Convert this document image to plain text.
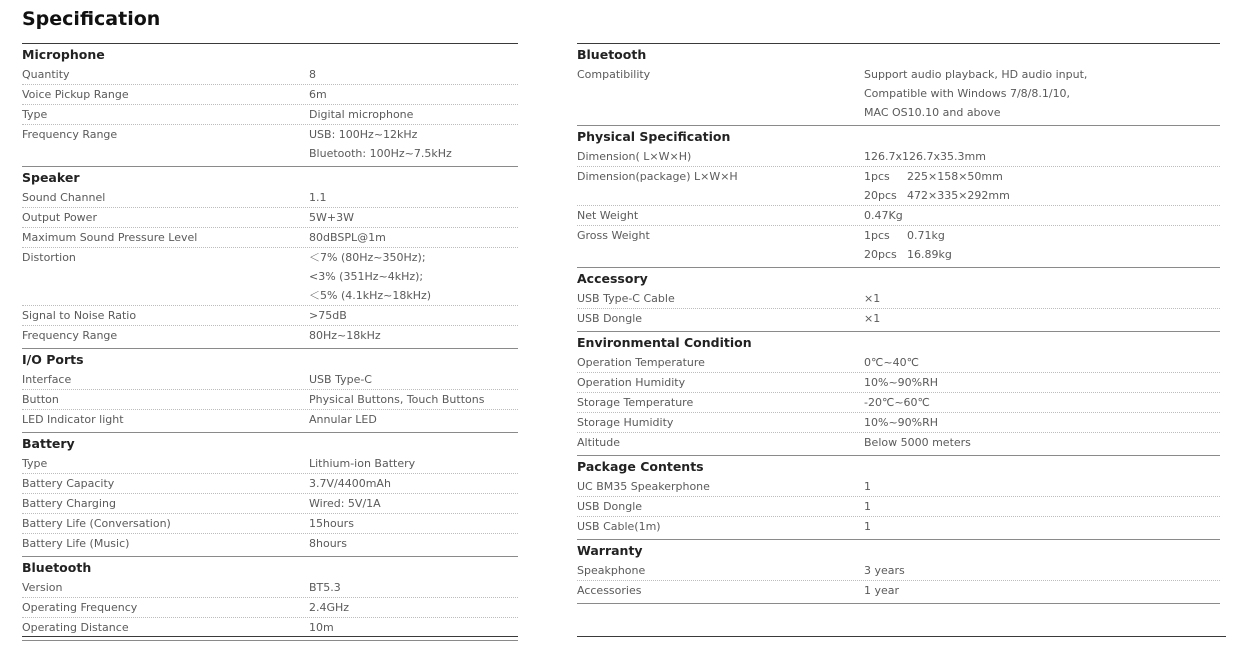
Specification
Microphone
Quantity	8
Voice Pickup Range	6m
Type	Digital microphone
Frequency Range	USB: 100Hz~12kHz
Bluetooth: 100Hz~7.5kHz
Speaker
Sound Channel	1.1
Output Power	5W+3W
Maximum Sound Pressure Level	80dBSPL@1m
Distortion	＜7% (80Hz~350Hz);
<3% (351Hz~4kHz);
＜5% (4.1kHz~18kHz)
Signal to Noise Ratio	>75dB
Frequency Range	80Hz~18kHz
I/O Ports
Interface	USB Type-C
Button	Physical Buttons, Touch Buttons
LED Indicator light	Annular LED
Battery
Type	Lithium-ion Battery
Battery Capacity	3.7V/4400mAh
Battery Charging	Wired: 5V/1A
Battery Life (Conversation)	15hours
Battery Life (Music)	8hours
Bluetooth
Version	BT5.3
Operating Frequency	2.4GHz
Operating Distance	10m
Bluetooth
Compatibility	Support audio playback, HD audio input,
Compatible with Windows 7/8/8.1/10,
MAC OS10.10 and above
Physical Specification
Dimension( L×W×H)	126.7x126.7x35.3mm
Dimension(package) L×W×H	1pcs 225×158×50mm
20pcs 472×335×292mm
Net Weight	0.47Kg
Gross Weight	1pcs 0.71kg
20pcs 16.89kg
Accessory
USB Type-C Cable	×1
USB Dongle	×1
Environmental Condition
Operation Temperature	0℃~40℃
Operation Humidity	10%~90%RH
Storage Temperature	-20℃~60℃
Storage Humidity	10%~90%RH
Altitude	Below 5000 meters
Package Contents
UC BM35 Speakerphone	1
USB Dongle	1
USB Cable(1m)	1
Warranty
Speakphone	3 years
Accessories	1 year
